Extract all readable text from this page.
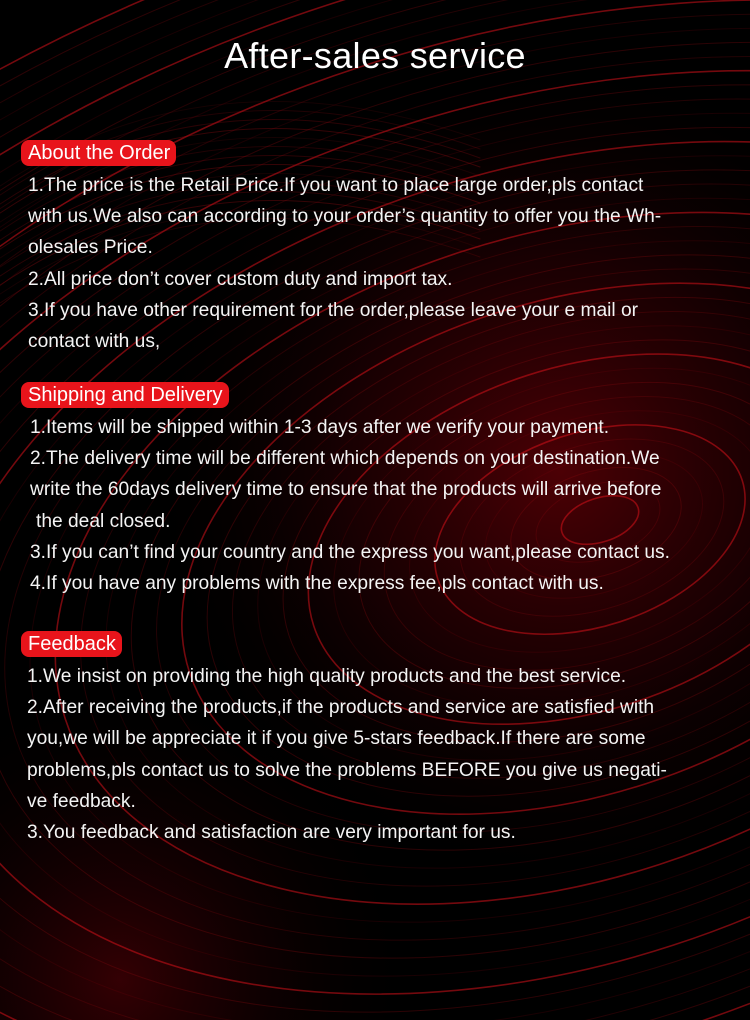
After-sales service
About the Order
1.The price is the Retail Price.If you want to place large order,pls contact
with us.We also can according to your order’s quantity to offer you the Wh-
olesales Price.
2.All price don’t cover custom duty and import tax.
3.If you have other requirement for the order,please leave your e mail or
contact with us,
Shipping and Delivery
1.Items will be shipped within 1-3 days after we verify your payment.
2.The delivery time will be different which depends on your destination.We
write the 60days delivery time to ensure that the products will arrive before
the deal closed.
3.If you can’t find your country and the express you want,please contact us.
4.If you have any problems with the express fee,pls contact with us.
Feedback
1.We insist on providing the high quality products and the best service.
2.After receiving the products,if the products and service are satisfied with
you,we will be appreciate it if you give 5-stars feedback.If there are some
problems,pls contact us to solve the problems BEFORE you give us negati-
ve feedback.
3.You feedback and satisfaction are very important for us.
